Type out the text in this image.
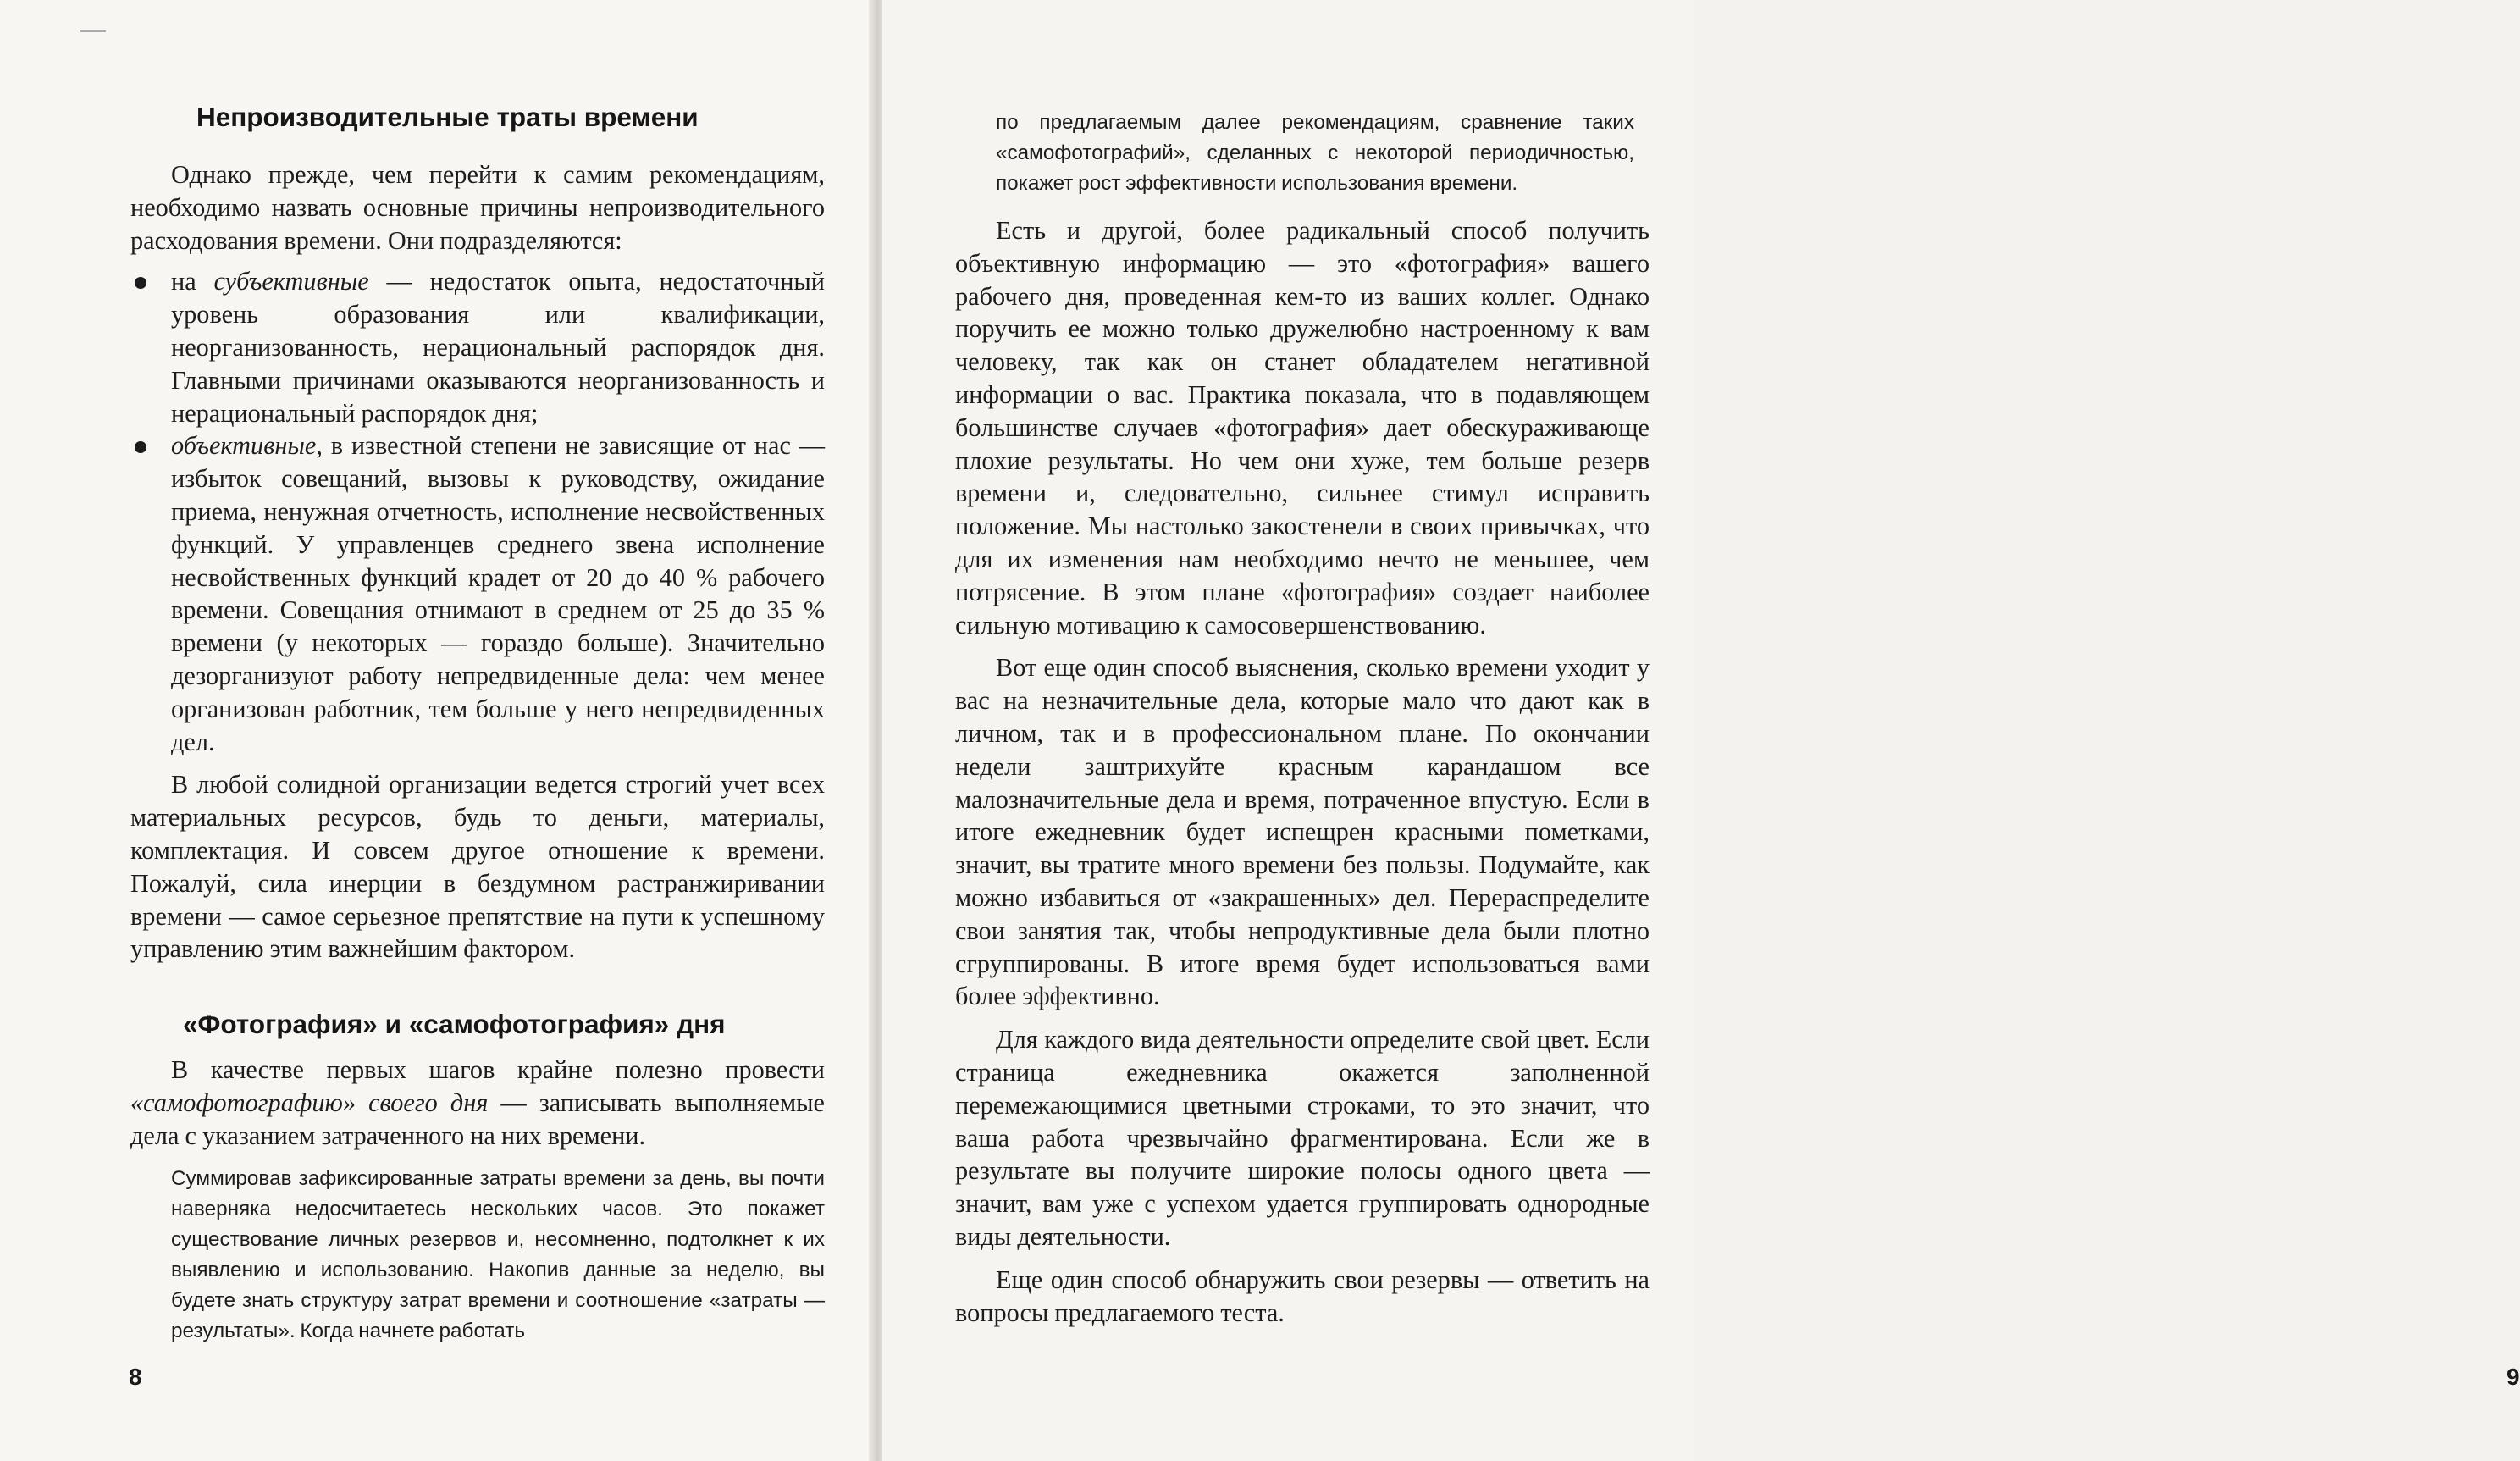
Непроизводительные траты времени

Однако прежде, чем перейти к самим рекомендациям, необходимо назвать основные причины непроизводительного расходования времени. Они подразделяются:

на субъективные — недостаток опыта, недостаточный уровень образования или квалификации, неорганизованность, нерациональный распорядок дня. Главными причинами оказываются неорганизованность и нерациональный распорядок дня;

объективные, в известной степени не зависящие от нас — избыток совещаний, вызовы к руководству, ожидание приема, ненужная отчетность, исполнение несвойственных функций. У управленцев среднего звена исполнение несвойственных функций крадет от 20 до 40 % рабочего времени. Совещания отнимают в среднем от 25 до 35 % времени (у некоторых — гораздо больше). Значительно дезорганизуют работу непредвиденные дела: чем менее организован работник, тем больше у него непредвиденных дел.

В любой солидной организации ведется строгий учет всех материальных ресурсов, будь то деньги, материалы, комплектация. И совсем другое отношение к времени. Пожалуй, сила инерции в бездумном растранжиривании времени — самое серьезное препятствие на пути к успешному управлению этим важнейшим фактором.

«Фотография» и «самофотография» дня

В качестве первых шагов крайне полезно провести «самофотографию» своего дня — записывать выполняемые дела с указанием затраченного на них времени.

Суммировав зафиксированные затраты времени за день, вы почти наверняка недосчитаетесь нескольких часов. Это покажет существование личных резервов и, несомненно, подтолкнет к их выявлению и использованию. Накопив данные за неделю, вы будете знать структуру затрат времени и соотношение «затраты — результаты». Когда начнете работать

8	9

по предлагаемым далее рекомендациям, сравнение таких «самофотографий», сделанных с некоторой периодичностью, покажет рост эффективности использования времени.

Есть и другой, более радикальный способ получить объективную информацию — это «фотография» вашего рабочего дня, проведенная кем-то из ваших коллег. Однако поручить ее можно только дружелюбно настроенному к вам человеку, так как он станет обладателем негативной информации о вас. Практика показала, что в подавляющем большинстве случаев «фотография» дает обескураживающе плохие результаты. Но чем они хуже, тем больше резерв времени и, следовательно, сильнее стимул исправить положение. Мы настолько закостенели в своих привычках, что для их изменения нам необходимо нечто не меньшее, чем потрясение. В этом плане «фотография» создает наиболее сильную мотивацию к самосовершенствованию.

Вот еще один способ выяснения, сколько времени уходит у вас на незначительные дела, которые мало что дают как в личном, так и в профессиональном плане. По окончании недели заштрихуйте красным карандашом все малозначительные дела и время, потраченное впустую. Если в итоге ежедневник будет испещрен красными пометками, значит, вы тратите много времени без пользы. Подумайте, как можно избавиться от «закрашенных» дел. Перераспределите свои занятия так, чтобы непродуктивные дела были плотно сгруппированы. В итоге время будет использоваться вами более эффективно.

Для каждого вида деятельности определите свой цвет. Если страница ежедневника окажется заполненной перемежающимися цветными строками, то это значит, что ваша работа чрезвычайно фрагментирована. Если же в результате вы получите широкие полосы одного цвета — значит, вам уже с успехом удается группировать однородные виды деятельности.

Еще один способ обнаружить свои резервы — ответить на вопросы предлагаемого теста.
